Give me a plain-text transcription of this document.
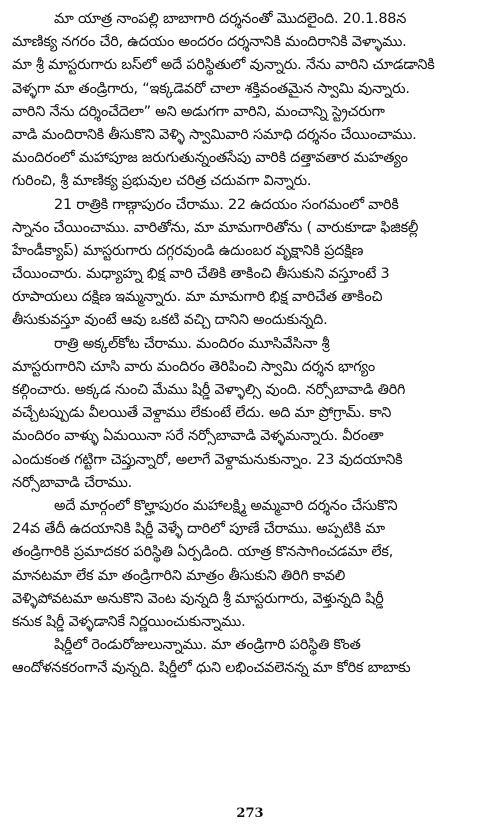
మా యాత్ర నాంపల్లి బాబాగారి దర్శనంతో మొదలైంది. 20.1.88న
మాణిక్య నగరం చేరి, ఉదయం అందరం దర్శనానికి మందిరానికి వెళ్ళాము.
మా శ్రీ మాస్టరుగారు బస్‌లో అదే పరిస్థితులో వున్నారు. నేను వారిని చూడడానికి
వెళ్ళగా మా తండ్రిగారు, “ఇక్కడెవరో చాలా శక్తివంతమైన స్వామి వున్నారు.
వారిని నేను దర్శించేదెలా” అని అడుగగా వారిని, మంచాన్ని స్ట్రెచరుగా
వాడి మందిరానికి తీసుకొని వెళ్ళి స్వామివారి సమాధి దర్శనం చేయించాము.
మందిరంలో మహాపూజ జరుగుతున్నంతసేపు వారికి దత్తావతార మహత్యం
గురించి, శ్రీ మాణిక్య ప్రభువుల చరిత్ర చదువగా విన్నారు.
21 రాత్రికి గాణ్గాపురం చేరాము. 22 ఉదయం సంగమంలో వారికి
స్నానం చేయించాము. వారితోను, మా మామగారితోను ( వారుకూడా ఫిజికల్లీ
హేండీక్యాప్) మాస్టరుగారు దగ్గరవుండి ఉదుంబర వృక్షానికి ప్రదక్షిణ
చేయించారు. మధ్యాహ్న భిక్ష వారి చేతికి తాకించి తీసుకుని వస్తూంటే 3
రూపాయలు దక్షిణ ఇమ్మన్నారు. మా మామగారి భిక్ష వారిచేత తాకించి
తీసుకువస్తూ వుంటే ఆవు ఒకటి వచ్చి దానిని అందుకున్నది.
రాత్రి అక్కల్‌కోట చేరాము. మందిరం మూసివేసినా శ్రీ
మాస్టరుగారిని చూసి వారు మందిరం తెరిపించి స్వామి దర్శన భాగ్యం
కల్గించారు. అక్కడ నుంచి మేము షిర్డీ వెళ్ళాల్సి వుంది. నర్సోబావాడి తిరిగి
వచ్చేటప్పుడు వీలయితే వెళ్దాము లేకుంటే లేదు. అది మా ప్రోగ్రామ్. కాని
మందిరం వాళ్ళు ఏమయినా సరే నర్సోబావాడి వెళ్ళమన్నారు. వీరంతా
ఎందుకంత గట్టిగా చెప్తున్నారో, అలాగే వెళ్దామనుకున్నాం. 23 వుదయానికి
నర్సోబావాడి చేరాము.
అదే మార్గంలో కొల్హాపురం మహాలక్ష్మి అమ్మవారి దర్శనం చేసుకొని
24వ తేదీ ఉదయానికి షిర్డీ వెళ్ళే దారిలో పూణే చేరాము. అప్పటికి మా
తండ్రిగారికి ప్రమాదకర పరిస్థితి ఏర్పడింది. యాత్ర కొనసాగించడమా లేక,
మానటమా లేక మా తండ్రిగారిని మాత్రం తీసుకుని తిరిగి కావలి
వెళ్ళిపోవటమా అనుకొని వెంట వున్నది శ్రీ మాస్టరుగారు, వెళ్తున్నది షిర్డీ
కనుక షిర్డీ వెళ్ళడానికే నిర్ణయించుకున్నాము.
షిర్డీలో రెండురోజులున్నాము. మా తండ్రిగారి పరిస్థితి కొంత
ఆందోళనకరంగానే వున్నది. షిర్డీలో ధుని లభించవలెనన్న మా కోరిక బాబాకు
273
